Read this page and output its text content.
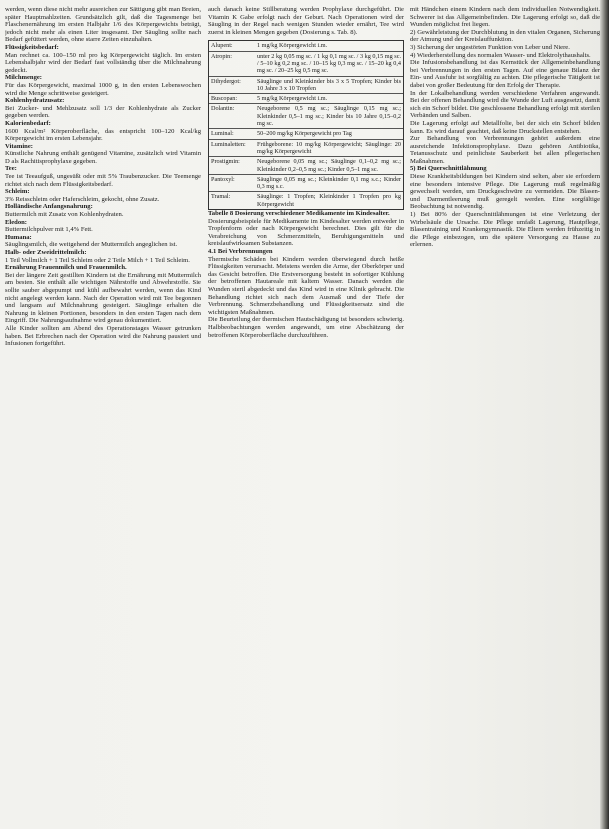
werden, wenn diese nicht mehr ausreichen zur Sättigung gibt man Breien, später Hauptmahlzeiten. Grundsätzlich gilt, daß die Tagesmenge bei Flaschenernährung im ersten Halbjahr 1/6 des Körpergewichts beträgt, jedoch nicht mehr als einen Liter insgesamt. Der Säugling sollte nach Bedarf gefüttert werden, ohne starre Zeiten einzuhalten.

Flüssigkeitsbedarf:

Man rechnet ca. 100–150 ml pro kg Körpergewicht täglich. Im ersten Lebenshalbjahr wird der Bedarf fast vollständig über die Milchnahrung gedeckt.

Milchmenge:

Für das Körpergewicht, maximal 1000 g, in den ersten Lebenswochen wird die Menge schrittweise gesteigert.

Kohlenhydratzusatz:

Bei Zucker- und Mehlzusatz soll 1/3 der Kohlenhydrate als Zucker gegeben werden.

Kalorienbedarf:

1600 Kcal/m² Körperoberfläche, das entspricht 100–120 Kcal/kg Körpergewicht im ersten Lebensjahr.

Vitamine:

Künstliche Nahrung enthält genügend Vitamine, zusätzlich wird Vitamin D als Rachitisprophylaxe gegeben.

Tee:

Tee ist Teeaufguß, ungesüßt oder mit 5% Traubenzucker. Die Teemenge richtet sich nach dem Flüssigkeitsbedarf.

Schleim:

3% Reisschleim oder Haferschleim, gekocht, ohne Zusatz.

Holländische Anfangsnahrung:

Buttermilch mit Zusatz von Kohlenhydraten.

Eledon:

Buttermilchpulver mit 1,4% Fett.

Humana:

Säuglingsmilch, die weitgehend der Muttermilch angeglichen ist.

Halb- oder Zweidrittelmilch:

1 Teil Vollmilch + 1 Teil Schleim oder 2 Teile Milch + 1 Teil Schleim.

Ernährung Frauenmilch und Frauenmilch.

Bei der längere Zeit gestillten Kindern ist die Ernährung mit Muttermilch am besten. Sie enthält alle wichtigen Nährstoffe und Abwehrstoffe. Sie sollte sauber abgepumpt und kühl aufbewahrt werden, wenn das Kind nicht angelegt werden kann. Nach der Operation wird mit Tee begonnen und langsam auf Milchnahrung gesteigert. Säuglinge erhalten die Nahrung in kleinen Portionen, besonders in den ersten Tagen nach dem Eingriff. Die Nahrungsaufnahme wird genau dokumentiert.

Alle Kinder sollten am Abend des Operationstages Wasser getrunken haben. Bei Erbrechen nach der Operation wird die Nahrung pausiert und Infusionen fortgeführt.

auch danach keine Stillberatung werden Prophylaxe durchgeführt. Die Vitamin K Gabe erfolgt nach der Geburt. Nach Operationen wird der Säugling in der Regel nach wenigen Stunden wieder ernährt, Tee wird zuerst in kleinen Mengen gegeben (Dosierung s. Tab. 8).

Alupent:	1 mg/kg Körpergewicht i.m.
Atropin:	unter 2 kg 0,05 mg sc. / 1 kg 0,1 mg sc. / 3 kg 0,15 mg sc. / 5–10 kg 0,2 mg sc. / 10–15 kg 0,3 mg sc. / 15–20 kg 0,4 mg sc. / 20–25 kg 0,5 mg sc.
Dihydergot:	Säuglinge und Kleinkinder bis 3 x 5 Tropfen; Kinder bis 10 Jahre 3 x 10 Tropfen
Buscopan:	5 mg/kg Körpergewicht i.m.
Dolantin:	Neugeborene 0,5 mg sc.; Säuglinge 0,15 mg sc.; Kleinkinder 0,5–1 mg sc.; Kinder bis 10 Jahre 0,15–0,2 mg sc.
Luminal:	50–200 mg/kg Körpergewicht pro Tag
Luminaletten:	Frühgeborene: 10 mg/kg Körpergewicht; Säuglinge: 20 mg/kg Körpergewicht
Prostigmin:	Neugeborene 0,05 mg sc.; Säuglinge 0,1–0,2 mg sc.; Kleinkinder 0,2–0,5 mg sc.; Kinder 0,5–1 mg sc.
Pantoxyl:	Säuglinge 0,05 mg sc.; Kleinkinder 0,1 mg s.c.; Kinder 0,3 mg s.c.
Tramal:	Säuglinge: 1 Tropfen; Kleinkinder 1 Tropfen pro kg Körpergewicht

Tabelle 8 Dosierung verschiedener Medikamente im Kindesalter.

Dosierungsbeispiele für Medikamente im Kindesalter werden entweder in Tropfenform oder nach Körpergewicht berechnet. Dies gilt für die Verabreichung von Schmerzmitteln, Beruhigungsmitteln und kreislaufwirksamen Substanzen.

4.1 Bei Verbrennungen

Thermische Schäden bei Kindern werden überwiegend durch heiße Flüssigkeiten verursacht. Meistens werden die Arme, der Oberkörper und das Gesicht betroffen. Die Erstversorgung besteht in sofortiger Kühlung der betroffenen Hautareale mit kaltem Wasser. Danach werden die Wunden steril abgedeckt und das Kind wird in eine Klinik gebracht. Die Behandlung richtet sich nach dem Ausmaß und der Tiefe der Verbrennung. Schmerzbehandlung und Flüssigkeitsersatz sind die wichtigsten Maßnahmen.

Die Beurteilung der thermischen Hautschädigung ist besonders schwierig. Halbbeobachtungen werden angewandt, um eine Abschätzung der betroffenen Körperoberfläche durchzuführen.

mit Händchen einem Kindern nach dem individuellen Notwendigkeit. Schwerer ist das Allgemeinbefinden. Die Lagerung erfolgt so, daß die Wunden möglichst frei liegen.

2) Gewährleistung der Durchblutung in den vitalen Organen, Sicherung der Atmung und der Kreislauffunktion.

3) Sicherung der ungestörten Funktion von Leber und Niere.

4) Wiederherstellung des normalen Wasser- und Elektrolythaushalts.

Die Infusionsbehandlung ist das Kernstück der Allgemeinbehandlung bei Verbrennungen in den ersten Tagen. Auf eine genaue Bilanz der Ein- und Ausfuhr ist sorgfältig zu achten. Die pflegerische Tätigkeit ist dabei von großer Bedeutung für den Erfolg der Therapie.

In der Lokalbehandlung werden verschiedene Verfahren angewandt. Bei der offenen Behandlung wird die Wunde der Luft ausgesetzt, damit sich ein Schorf bildet. Die geschlossene Behandlung erfolgt mit sterilen Verbänden und Salben.

Die Lagerung erfolgt auf Metallfolie, bei der sich ein Schorf bilden kann. Es wird darauf geachtet, daß keine Druckstellen entstehen.

Zur Behandlung von Verbrennungen gehört außerdem eine ausreichende Infektionsprophylaxe. Dazu gehören Antibiotika, Tetanusschutz und peinlichste Sauberkeit bei allen pflegerischen Maßnahmen.

5) Bei Querschnittlähmung

Diese Krankheitsbildungen bei Kindern sind selten, aber sie erfordern eine besonders intensive Pflege. Die Lagerung muß regelmäßig gewechselt werden, um Druckgeschwüre zu vermeiden. Die Blasen- und Darmentleerung muß geregelt werden. Eine sorgfältige Beobachtung ist notwendig.

1) Bei 80% der Querschnittlähmungen ist eine Verletzung der Wirbelsäule die Ursache. Die Pflege umfaßt Lagerung, Hautpflege, Blasentraining und Krankengymnastik. Die Eltern werden frühzeitig in die Pflege einbezogen, um die spätere Versorgung zu Hause zu erlernen.
